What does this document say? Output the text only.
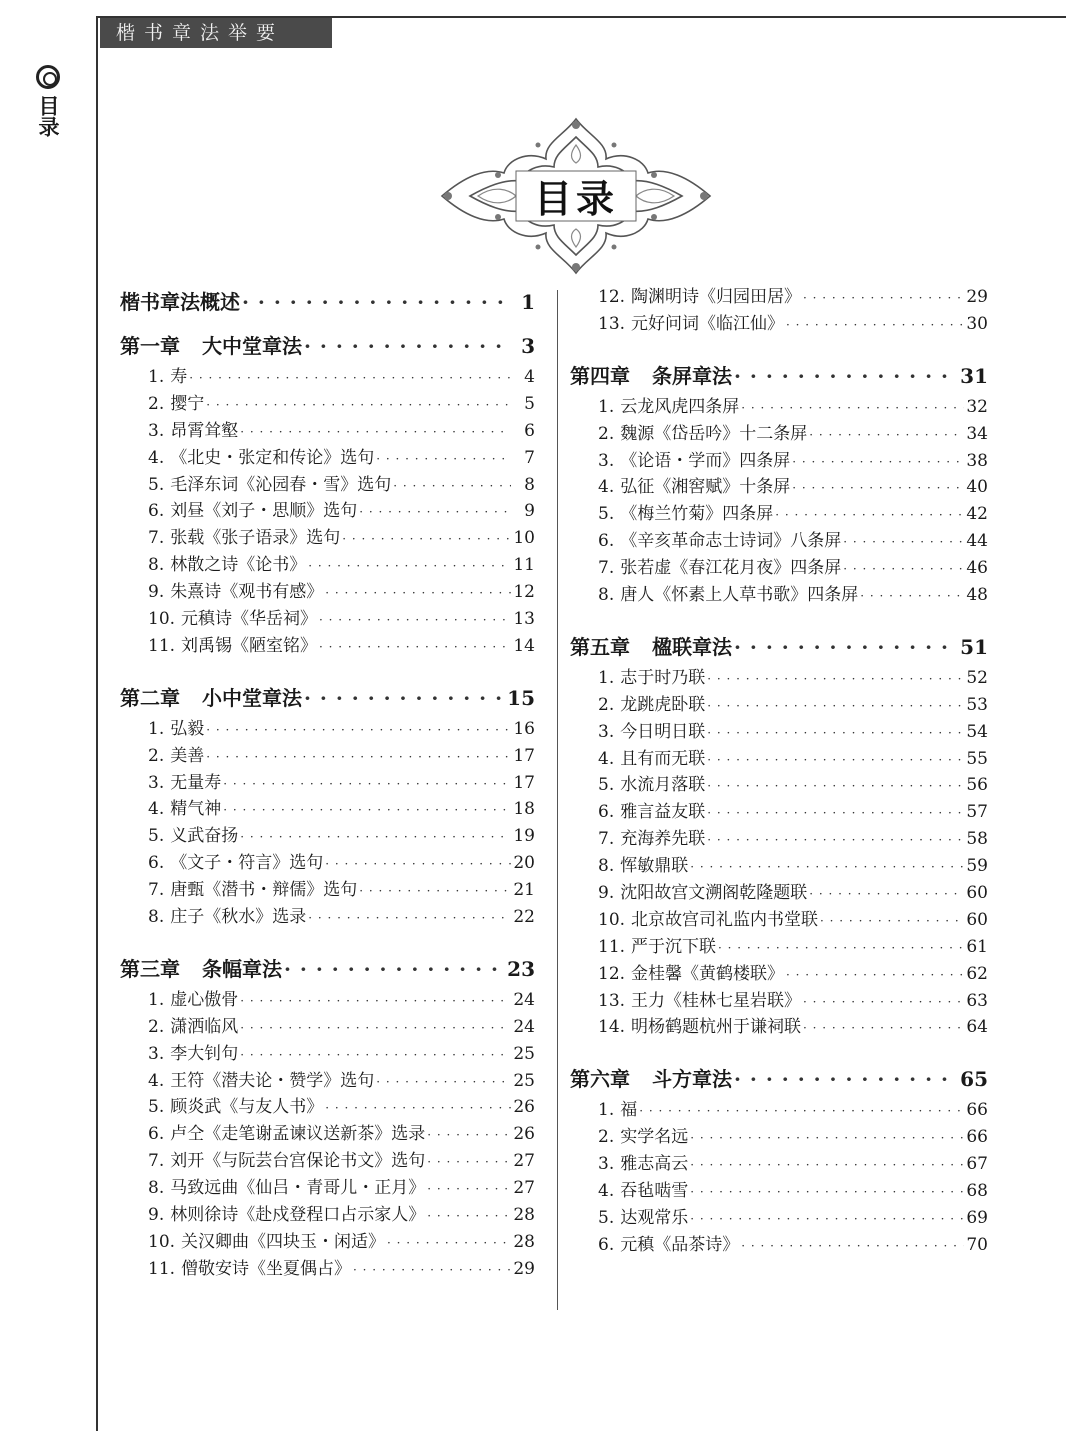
楷书章法举要
目录
目录
楷书章法概述 · · ·	1
第一章 大中堂章法 · · ·	3
1. 寿 · · ·	4
2. 撄宁 · · ·	5
3. 昂霄耸壑 · · ·	6
4. 《北史・张定和传论》选句 · · ·	7
5. 毛泽东词《沁园春・雪》选句 · · ·	8
6. 刘昼《刘子・思顺》选句 · · ·	9
7. 张载《张子语录》选句 · · ·	10
8. 林散之诗《论书》 · · ·	11
9. 朱熹诗《观书有感》 · · ·	12
10. 元稹诗《华岳祠》 · · ·	13
11. 刘禹锡《陋室铭》 · · ·	14
第二章 小中堂章法 · · ·	15
1. 弘毅 · · ·	16
2. 美善 · · ·	17
3. 无量寿 · · ·	17
4. 精气神 · · ·	18
5. 义武奋扬 · · ·	19
6. 《文子・符言》选句 · · ·	20
7. 唐甄《潜书・辩儒》选句 · · ·	21
8. 庄子《秋水》选录 · · ·	22
第三章 条幅章法 · · ·	23
1. 虚心傲骨 · · ·	24
2. 潇洒临风 · · ·	24
3. 李大钊句 · · ·	25
4. 王符《潜夫论・赞学》选句 · · ·	25
5. 顾炎武《与友人书》 · · ·	26
6. 卢仝《走笔谢孟谏议送新茶》选录 · · ·	26
7. 刘开《与阮芸台宫保论书文》选句 · · ·	27
8. 马致远曲《仙吕・青哥儿・正月》 · · ·	27
9. 林则徐诗《赴戍登程口占示家人》 · · ·	28
10. 关汉卿曲《四块玉・闲适》 · · ·	28
11. 僧敬安诗《坐夏偶占》 · · ·	29
12. 陶渊明诗《归园田居》 · · ·	29
13. 元好问词《临江仙》 · · ·	30
第四章 条屏章法 · · ·	31
1. 云龙风虎四条屏 · · ·	32
2. 魏源《岱岳吟》十二条屏 · · ·	34
3. 《论语・学而》四条屏 · · ·	38
4. 弘征《湘窖赋》十条屏 · · ·	40
5. 《梅兰竹菊》四条屏 · · ·	42
6. 《辛亥革命志士诗词》八条屏 · · ·	44
7. 张若虚《春江花月夜》四条屏 · · ·	46
8. 唐人《怀素上人草书歌》四条屏 · · ·	48
第五章 楹联章法 · · ·	51
1. 志于时乃联 · · ·	52
2. 龙跳虎卧联 · · ·	53
3. 今日明日联 · · ·	54
4. 且有而无联 · · ·	55
5. 水流月落联 · · ·	56
6. 雅言益友联 · · ·	57
7. 充海养先联 · · ·	58
8. 恽敏鼎联 · · ·	59
9. 沈阳故宫文溯阁乾隆题联 · · ·	60
10. 北京故宫司礼监内书堂联 · · ·	60
11. 严于沉下联 · · ·	61
12. 金桂馨《黄鹤楼联》 · · ·	62
13. 王力《桂林七星岩联》 · · ·	63
14. 明杨鹤题杭州于谦祠联 · · ·	64
第六章 斗方章法 · · ·	65
1. 福 · · ·	66
2. 实学名远 · · ·	66
3. 雅志高云 · · ·	67
4. 吞毡啮雪 · · ·	68
5. 达观常乐 · · ·	69
6. 元稹《品茶诗》 · · ·	70
